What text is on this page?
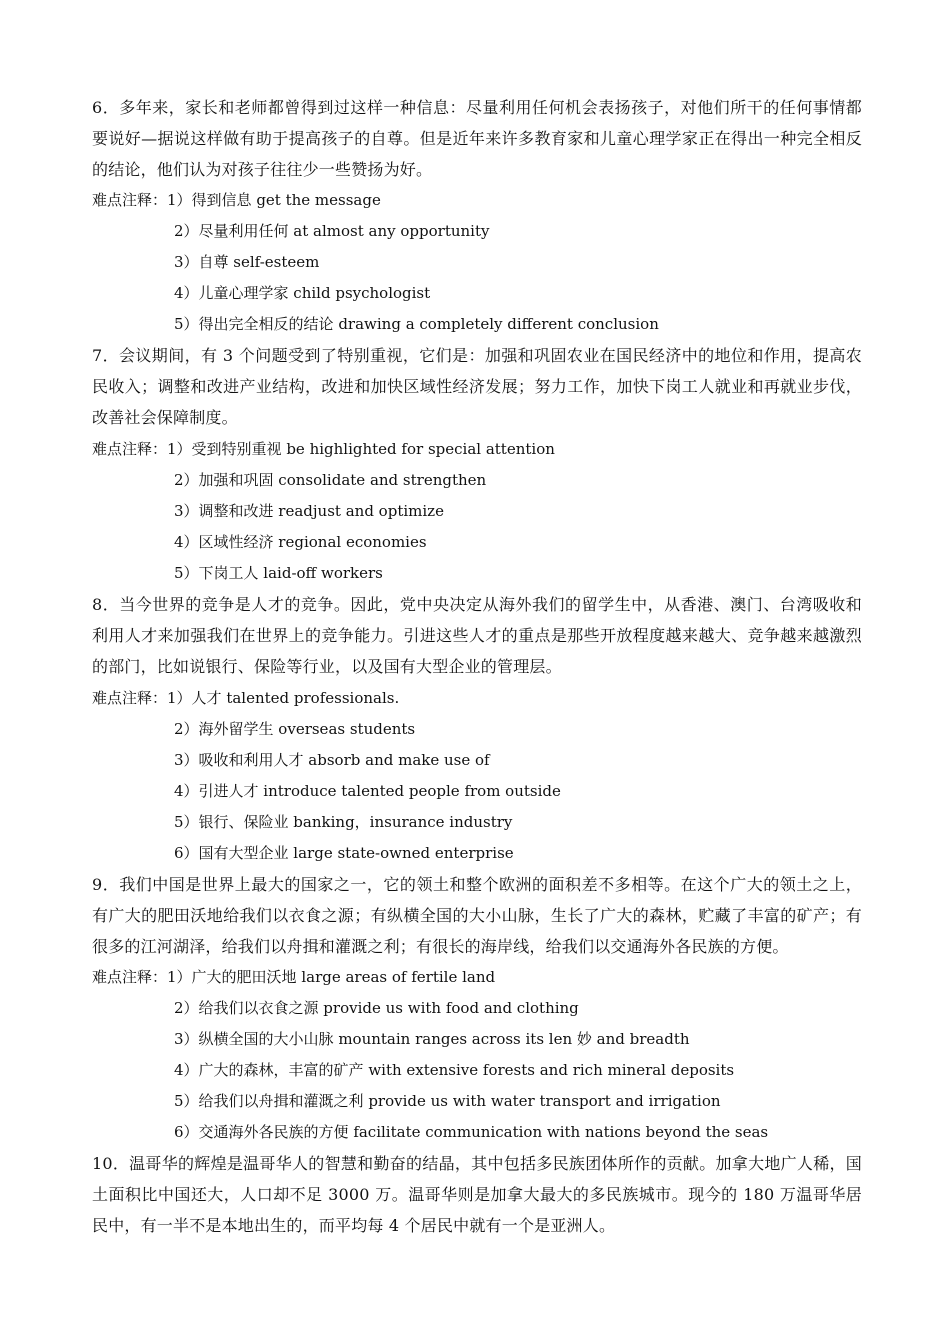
6．多年来，家长和老师都曾得到过这样一种信息：尽量利用任何机会表扬孩子，对他们所干的任何事情都要说好—据说这样做有助于提高孩子的自尊。但是近年来许多教育家和儿童心理学家正在得出一种完全相反的结论，他们认为对孩子往往少一些赞扬为好。

难点注释：1）得到信息 get the message
2）尽量利用任何 at almost any opportunity
3）自尊 self-esteem
4）儿童心理学家 child psychologist
5）得出完全相反的结论 drawing a completely different conclusion

7．会议期间，有 3 个问题受到了特别重视，它们是：加强和巩固农业在国民经济中的地位和作用，提高农民收入；调整和改进产业结构，改进和加快区域性经济发展；努力工作，加快下岗工人就业和再就业步伐，改善社会保障制度。

难点注释：1）受到特别重视 be highlighted for special attention
2）加强和巩固 consolidate and strengthen
3）调整和改进 readjust and optimize
4）区域性经济 regional economies
5）下岗工人 laid-off workers

8．当今世界的竞争是人才的竞争。因此，党中央决定从海外我们的留学生中，从香港、澳门、台湾吸收和利用人才来加强我们在世界上的竞争能力。引进这些人才的重点是那些开放程度越来越大、竞争越来越激烈的部门，比如说银行、保险等行业，以及国有大型企业的管理层。

难点注释：1）人才 talented professionals.
2）海外留学生 overseas students
3）吸收和利用人才 absorb and make use of
4）引进人才 introduce talented people from outside
5）银行、保险业 banking，insurance industry
6）国有大型企业 large state-owned enterprise

9．我们中国是世界上最大的国家之一，它的领土和整个欧洲的面积差不多相等。在这个广大的领土之上，有广大的肥田沃地给我们以衣食之源；有纵横全国的大小山脉，生长了广大的森林，贮藏了丰富的矿产；有很多的江河湖泽，给我们以舟揖和灌溉之利；有很长的海岸线，给我们以交通海外各民族的方便。

难点注释：1）广大的肥田沃地 large areas of fertile land
2）给我们以衣食之源 provide us with food and clothing
3）纵横全国的大小山脉 mountain ranges across its len 妙 and breadth
4）广大的森林，丰富的矿产 with extensive forests and rich mineral deposits
5）给我们以舟揖和灌溉之利 provide us with water transport and irrigation
6）交通海外各民族的方便 facilitate communication with nations beyond the seas

10．温哥华的辉煌是温哥华人的智慧和勤奋的结晶，其中包括多民族团体所作的贡献。加拿大地广人稀，国土面积比中国还大，人口却不足 3000 万。温哥华则是加拿大最大的多民族城市。现今的 180 万温哥华居民中，有一半不是本地出生的，而平均每 4 个居民中就有一个是亚洲人。
